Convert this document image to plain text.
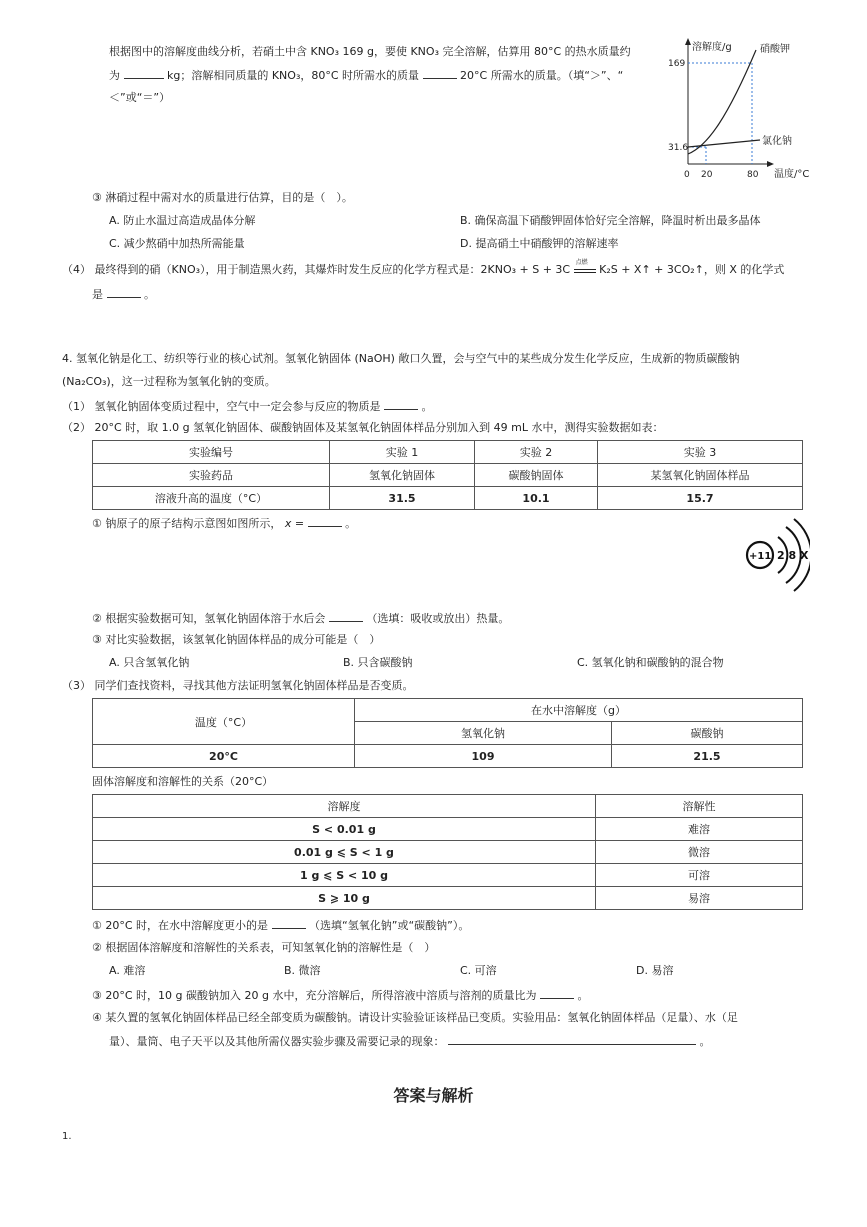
根据图中的溶解度曲线分析，若硝土中含 KNO₃ 169 g，要使 KNO₃ 完全溶解，估算用 80°C 的热水质量约
为	kg；溶解相同质量的 KNO₃，80°C 时所需水的质量	20°C 所需水的质量。（填“＞”、“
＜”或“＝”）
溶解度/g	硝酸钾
氯化钠
169
31.6
0 20	80 温度/°C
③ 淋硝过程中需对水的质量进行估算，目的是（　）。
A. 防止水温过高造成晶体分解	B. 确保高温下硝酸钾固体恰好完全溶解，降温时析出最多晶体
C. 减少熬硝中加热所需能量	D. 提高硝土中硝酸钾的溶解速率
（4） 最终得到的硝（KNO₃），用于制造黑火药，其爆炸时发生反应的化学方程式是：2KNO₃ + S + 3C
点燃
K₂S + X↑ + 3CO₂↑，则 X 的化学式
是	。
4. 氢氧化钠是化工、纺织等行业的核心试剂。氢氧化钠固体 (NaOH) 敞口久置，会与空气中的某些成分发生化学反应，生成新的物质碳酸钠
(Na₂CO₃)，这一过程称为氢氧化钠的变质。
（1） 氢氧化钠固体变质过程中，空气中一定会参与反应的物质是	。
（2） 20°C 时，取 1.0 g 氢氧化钠固体、碳酸钠固体及某氢氧化钠固体样品分别加入到 49 mL 水中，测得实验数据如表：
实验编号	实验 1	实验 2	实验 3
实验药品	氢氧化钠固体	碳酸钠固体	某氢氧化钠固体样品
溶液升高的温度（°C）	31.5	10.1	15.7
① 钠原子的原子结构示意图如图所示， x =	。
+11 2 8 X
② 根据实验数据可知，氢氧化钠固体溶于水后会	（选填：吸收或放出）热量。
③ 对比实验数据，该氢氧化钠固体样品的成分可能是（　）
A. 只含氢氧化钠	B. 只含碳酸钠	C. 氢氧化钠和碳酸钠的混合物
（3） 同学们查找资料，寻找其他方法证明氢氧化钠固体样品是否变质。
温度（°C）	在水中溶解度（g）	
	氢氧化钠	碳酸钠
20°C	109	21.5
固体溶解度和溶解性的关系（20°C）
溶解度	溶解性
S < 0.01 g	难溶
0.01 g ⩽ S < 1 g	微溶
1 g ⩽ S < 10 g	可溶
S ⩾ 10 g	易溶
① 20°C 时，在水中溶解度更小的是	（选填“氢氧化钠”或“碳酸钠”）。
② 根据固体溶解度和溶解性的关系表，可知氢氧化钠的溶解性是（　）
A. 难溶	B. 微溶	C. 可溶	D. 易溶
③ 20°C 时，10 g 碳酸钠加入 20 g 水中，充分溶解后，所得溶液中溶质与溶剂的质量比为	。
④ 某久置的氢氧化钠固体样品已经全部变质为碳酸钠。请设计实验验证该样品已变质。实验用品：氢氧化钠固体样品（足量）、水（足
量）、量筒、电子天平以及其他所需仪器实验步骤及需要记录的现象：	。
答案与解析
1.
